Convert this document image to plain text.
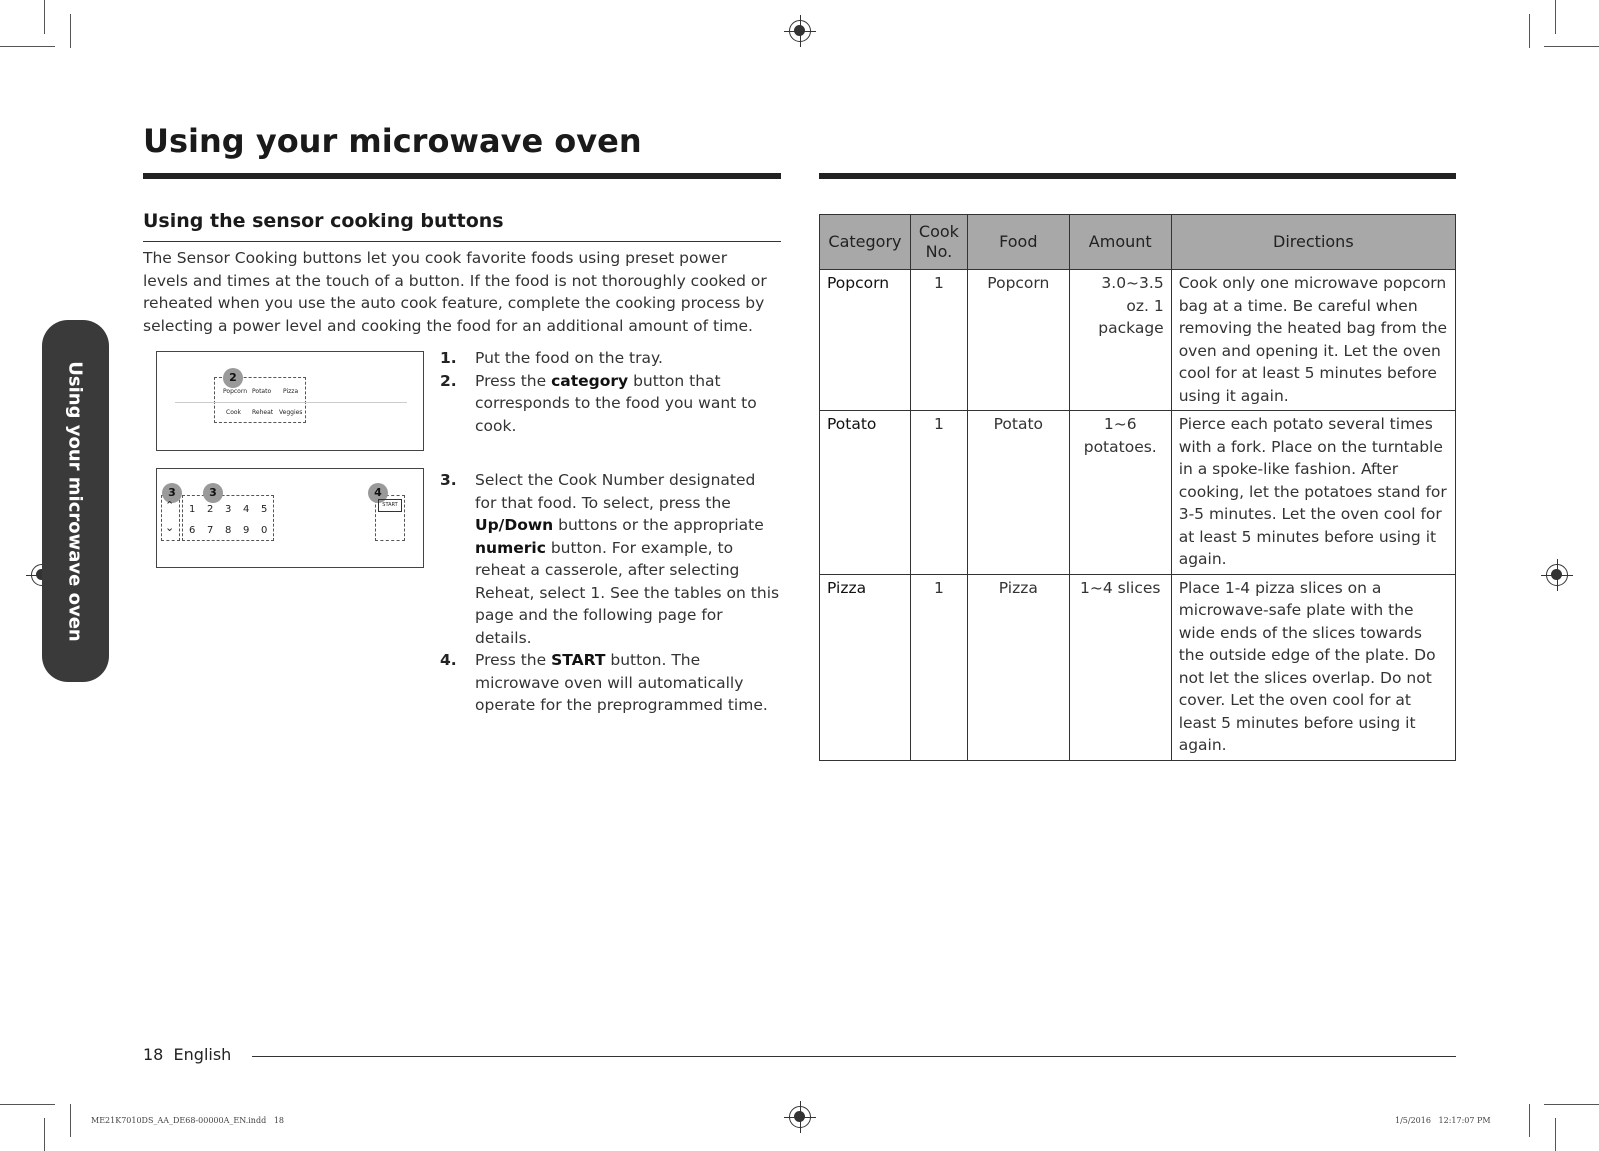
Using your microwave oven
Using your microwave oven
Using the sensor cooking buttons
The Sensor Cooking buttons let you cook favorite foods using preset power levels and times at the touch of a button. If the food is not thoroughly cooked or reheated when you use the auto cook feature, complete the cooking process by selecting a power level and cooking the food for an additional amount of time.
2
Popcorn Potato Pizza
Cook Reheat Veggies
3	3	4
⌃
⌄
1 2 3 4 5
6 7 8 9 0
START
1. Put the food on the tray.
2. Press the category button that corresponds to the food you want to cook.
3. Select the Cook Number designated for that food. To select, press the Up/Down buttons or the appropriate numeric button. For example, to reheat a casserole, after selecting Reheat, select 1. See the tables on this page and the following page for details.
4. Press the START button. The microwave oven will automatically operate for the preprogrammed time.
Category	Cook No.	Food	Amount	Directions
Popcorn	1	Popcorn	3.0~3.5 oz. 1 package	Cook only one microwave popcorn bag at a time. Be careful when removing the heated bag from the oven and opening it. Let the oven cool for at least 5 minutes before using it again.
Potato	1	Potato	1~6 potatoes.	Pierce each potato several times with a fork. Place on the turntable in a spoke-like fashion. After cooking, let the potatoes stand for 3-5 minutes. Let the oven cool for at least 5 minutes before using it again.
Pizza	1	Pizza	1~4 slices	Place 1-4 pizza slices on a microwave-safe plate with the wide ends of the slices towards the outside edge of the plate. Do not let the slices overlap. Do not cover. Let the oven cool for at least 5 minutes before using it again.
18  English
ME21K7010DS_AA_DE68-00000A_EN.indd   18	1/5/2016   12:17:07 PM
